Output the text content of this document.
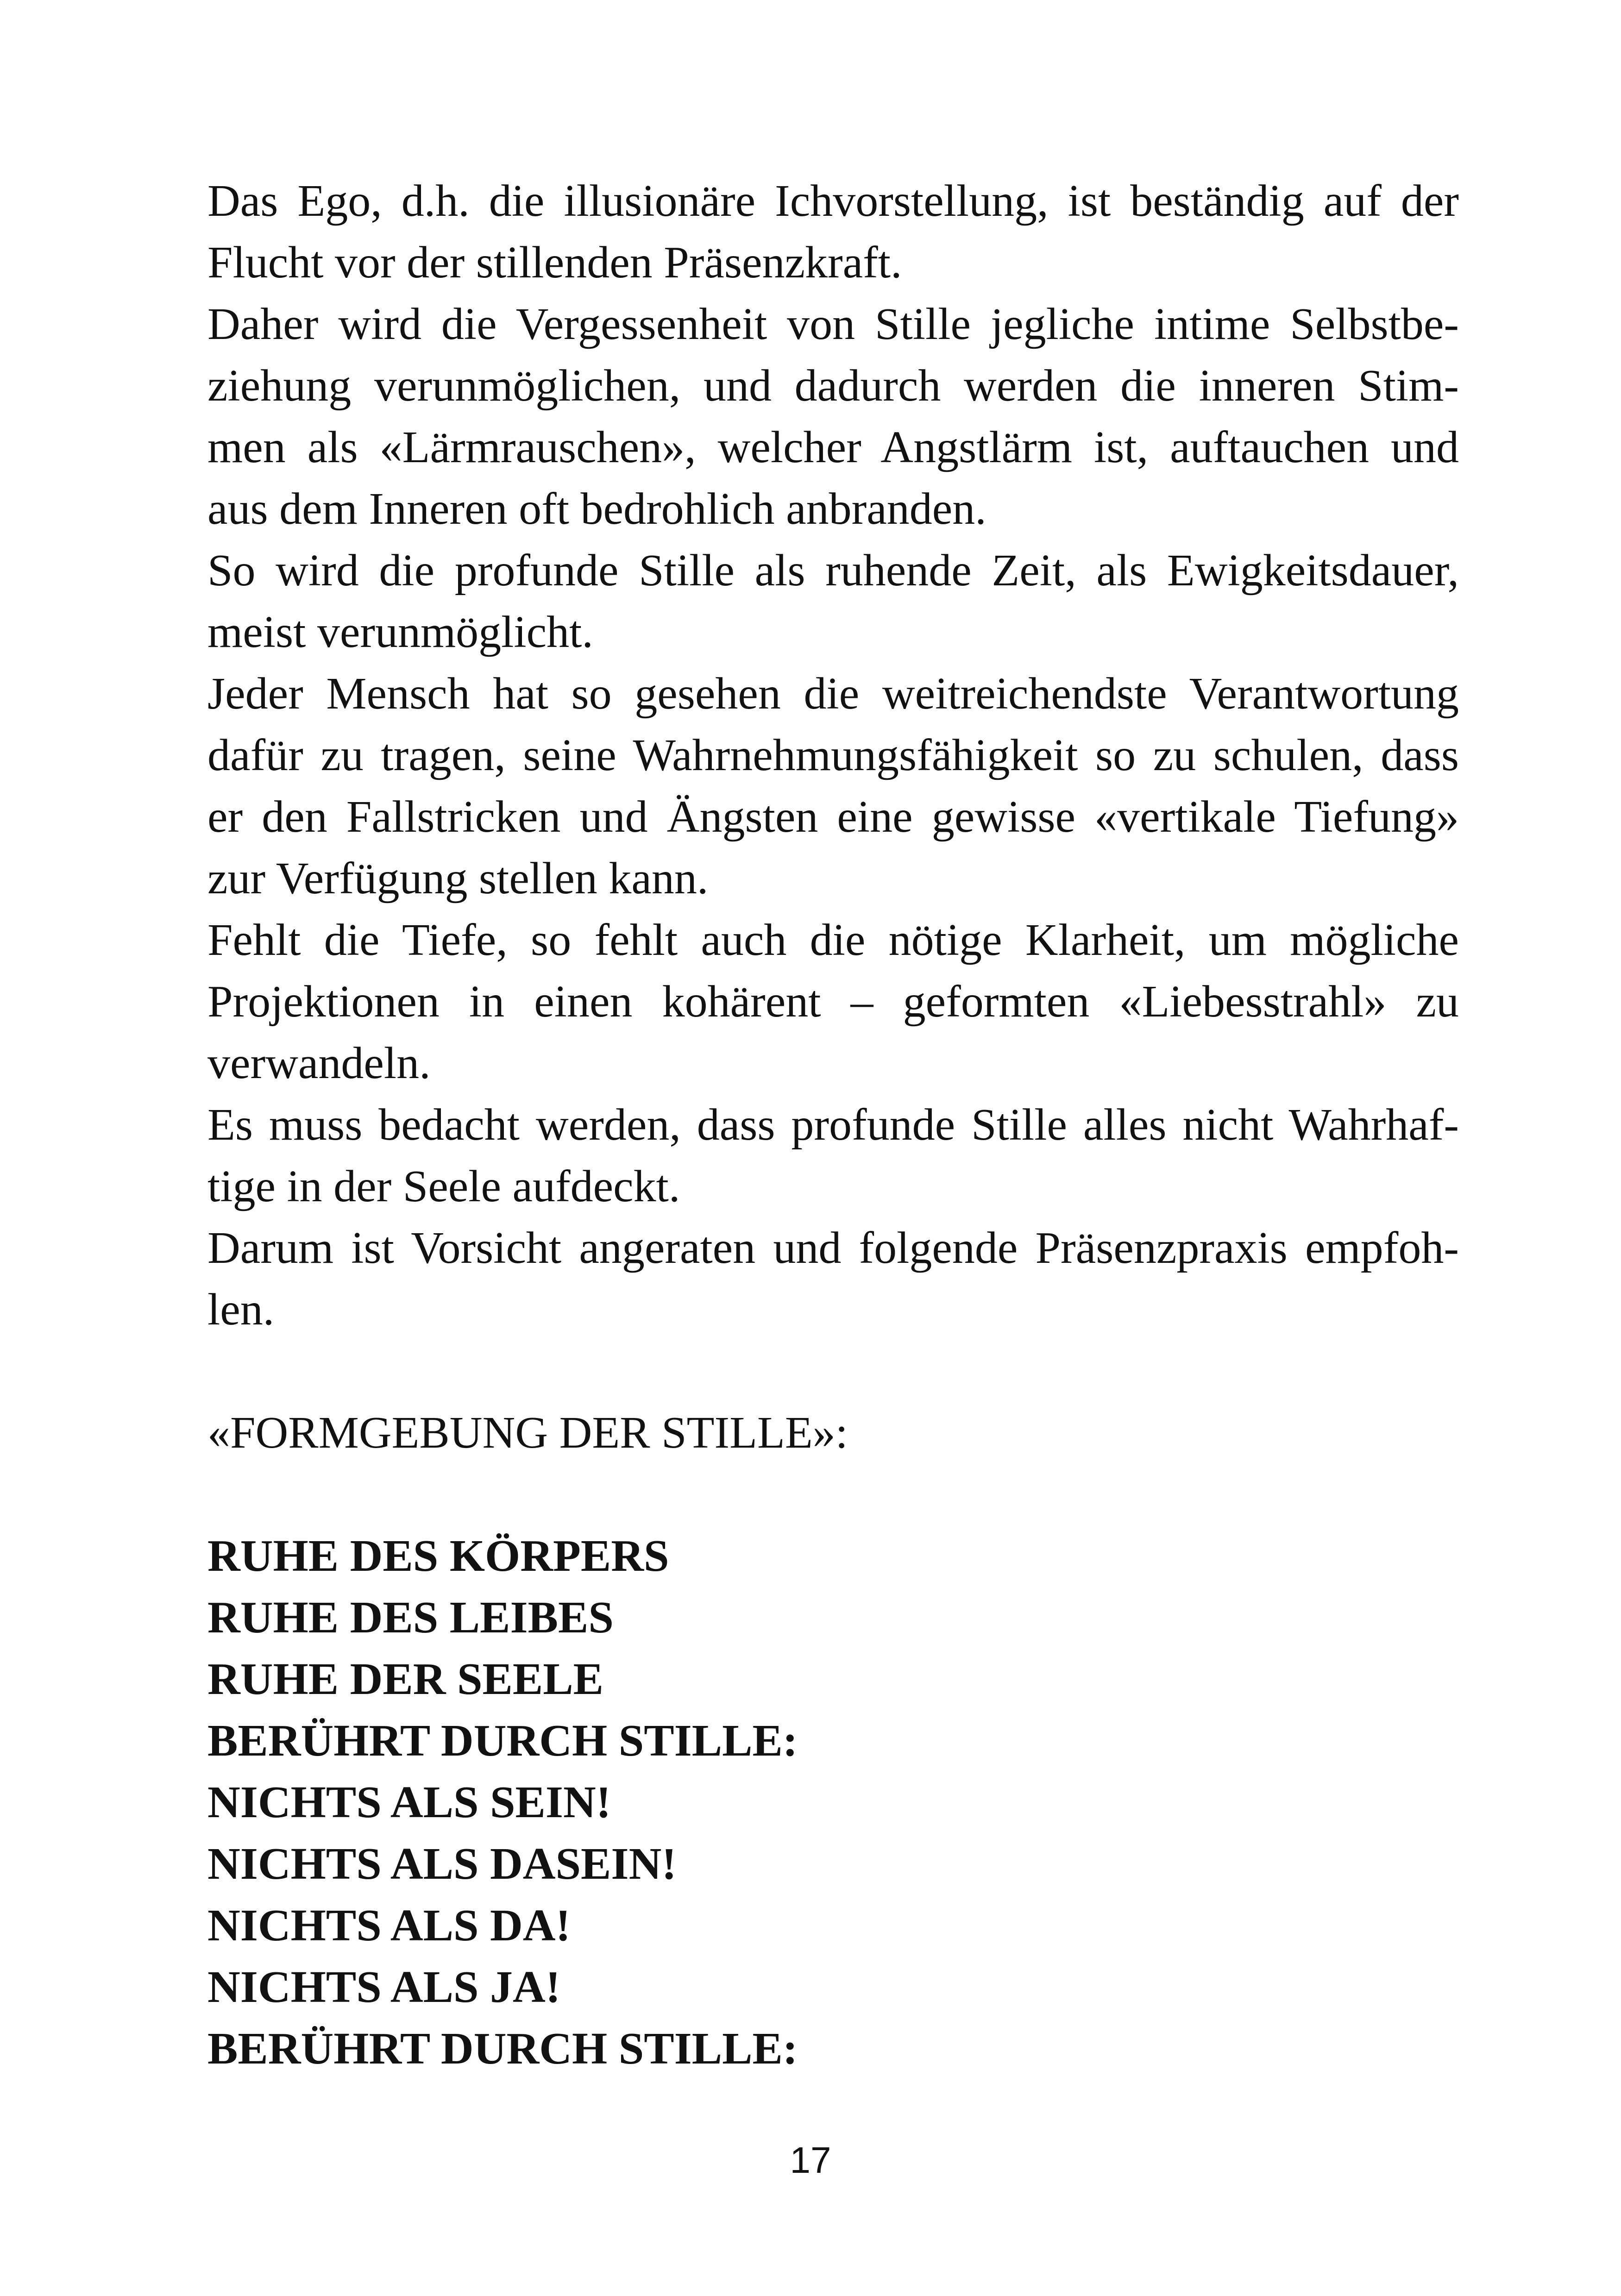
Das Ego, d.h. die illusionäre Ichvorstellung, ist beständig auf der
Flucht vor der stillenden Präsenzkraft.
Daher wird die Vergessenheit von Stille jegliche intime Selbstbe-
ziehung verunmöglichen, und dadurch werden die inneren Stim-
men als «Lärmrauschen», welcher Angstlärm ist, auftauchen und
aus dem Inneren oft bedrohlich anbranden.
So wird die profunde Stille als ruhende Zeit, als Ewigkeitsdauer,
meist verunmöglicht.
Jeder Mensch hat so gesehen die weitreichendste Verantwortung
dafür zu tragen, seine Wahrnehmungsfähigkeit so zu schulen, dass
er den Fallstricken und Ängsten eine gewisse «vertikale Tiefung»
zur Verfügung stellen kann.
Fehlt die Tiefe, so fehlt auch die nötige Klarheit, um mögliche
Projektionen in einen kohärent – geformten «Liebesstrahl» zu
verwandeln.
Es muss bedacht werden, dass profunde Stille alles nicht Wahrhaf-
tige in der Seele aufdeckt.
Darum ist Vorsicht angeraten und folgende Präsenzpraxis empfoh-
len.
«FORMGEBUNG DER STILLE»:
RUHE DES KÖRPERS
RUHE DES LEIBES
RUHE DER SEELE
BERÜHRT DURCH STILLE:
NICHTS ALS SEIN!
NICHTS ALS DASEIN!
NICHTS ALS DA!
NICHTS ALS JA!
BERÜHRT DURCH STILLE:
17
